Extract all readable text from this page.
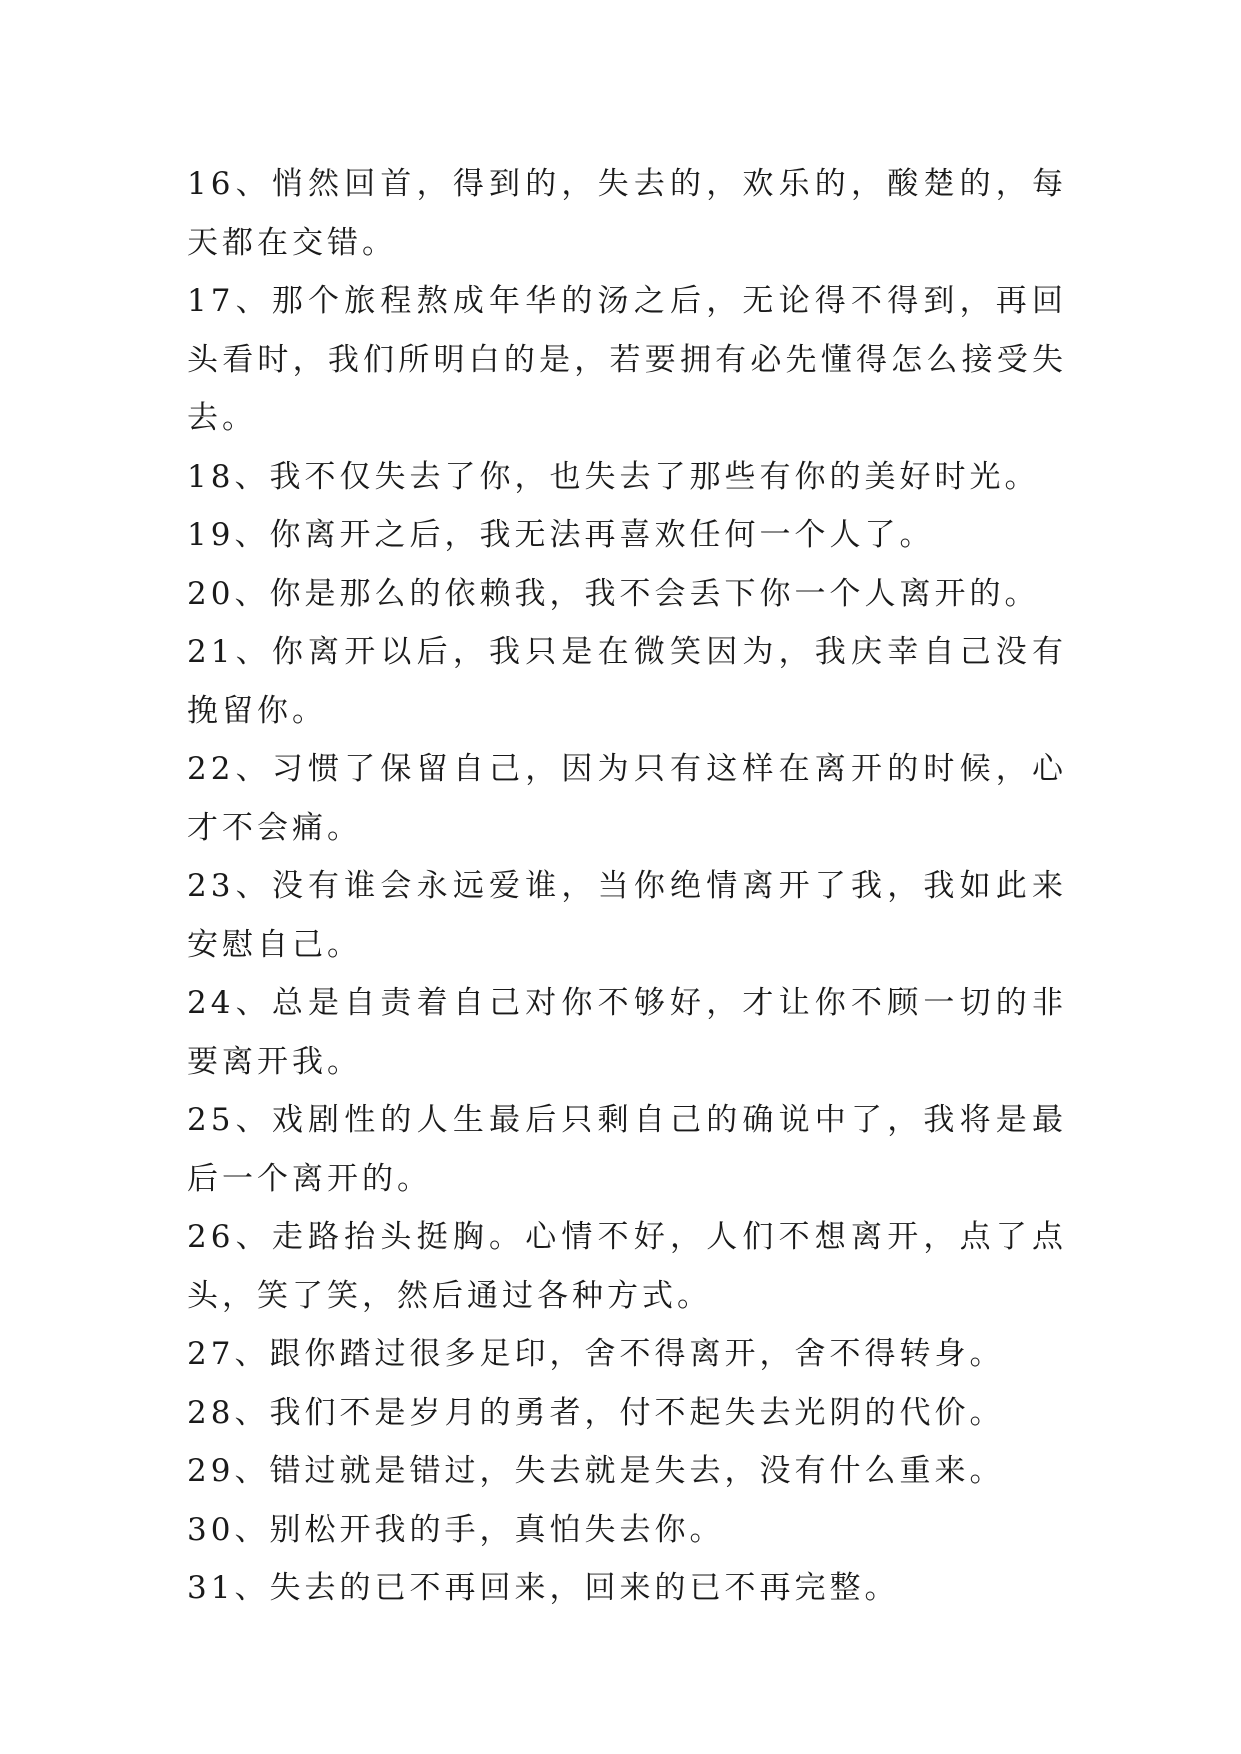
16、悄然回首，得到的，失去的，欢乐的，酸楚的，每天都在交错。

17、那个旅程熬成年华的汤之后，无论得不得到，再回头看时，我们所明白的是，若要拥有必先懂得怎么接受失去。

18、我不仅失去了你，也失去了那些有你的美好时光。

19、你离开之后，我无法再喜欢任何一个人了。

20、你是那么的依赖我，我不会丢下你一个人离开的。

21、你离开以后，我只是在微笑因为，我庆幸自己没有挽留你。

22、习惯了保留自己，因为只有这样在离开的时候，心才不会痛。

23、没有谁会永远爱谁，当你绝情离开了我，我如此来安慰自己。

24、总是自责着自己对你不够好，才让你不顾一切的非要离开我。

25、戏剧性的人生最后只剩自己的确说中了，我将是最后一个离开的。

26、走路抬头挺胸。心情不好，人们不想离开，点了点头，笑了笑，然后通过各种方式。

27、跟你踏过很多足印，舍不得离开，舍不得转身。

28、我们不是岁月的勇者，付不起失去光阴的代价。

29、错过就是错过，失去就是失去，没有什么重来。

30、别松开我的手，真怕失去你。

31、失去的已不再回来，回来的已不再完整。
